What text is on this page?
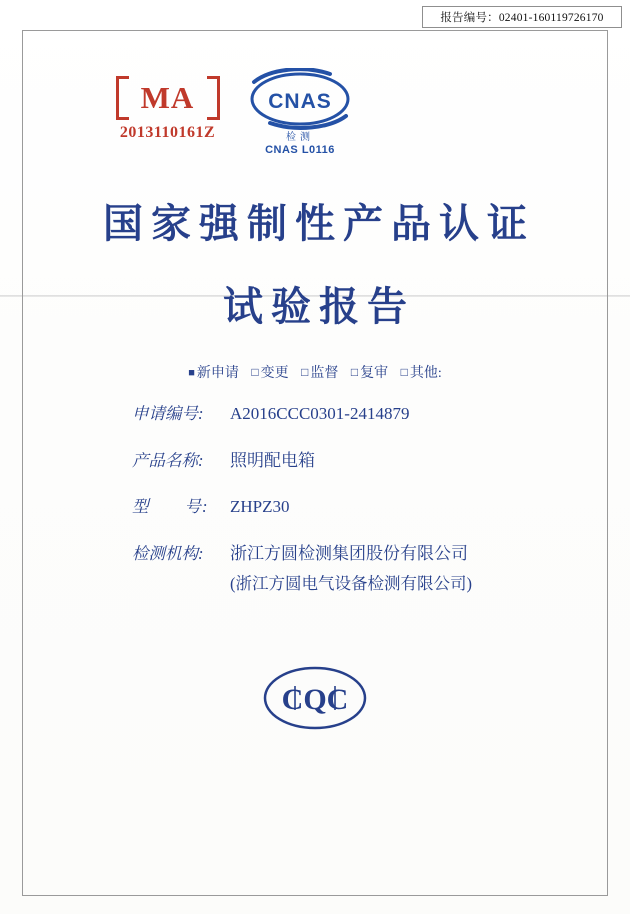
报告编号：02401-160119726170
MA
2013110161Z
CNAS
检测
CNAS L0116
国家强制性产品认证
试验报告
■ 新申请 □ 变更 □ 监督 □ 复审 □ 其他:
申请编号:	A2016CCC0301-2414879
产品名称:	照明配电箱
型　　号:	ZHPZ30
检测机构:	浙江方圆检测集团股份有限公司
(浙江方圆电气设备检测有限公司)
CQC
